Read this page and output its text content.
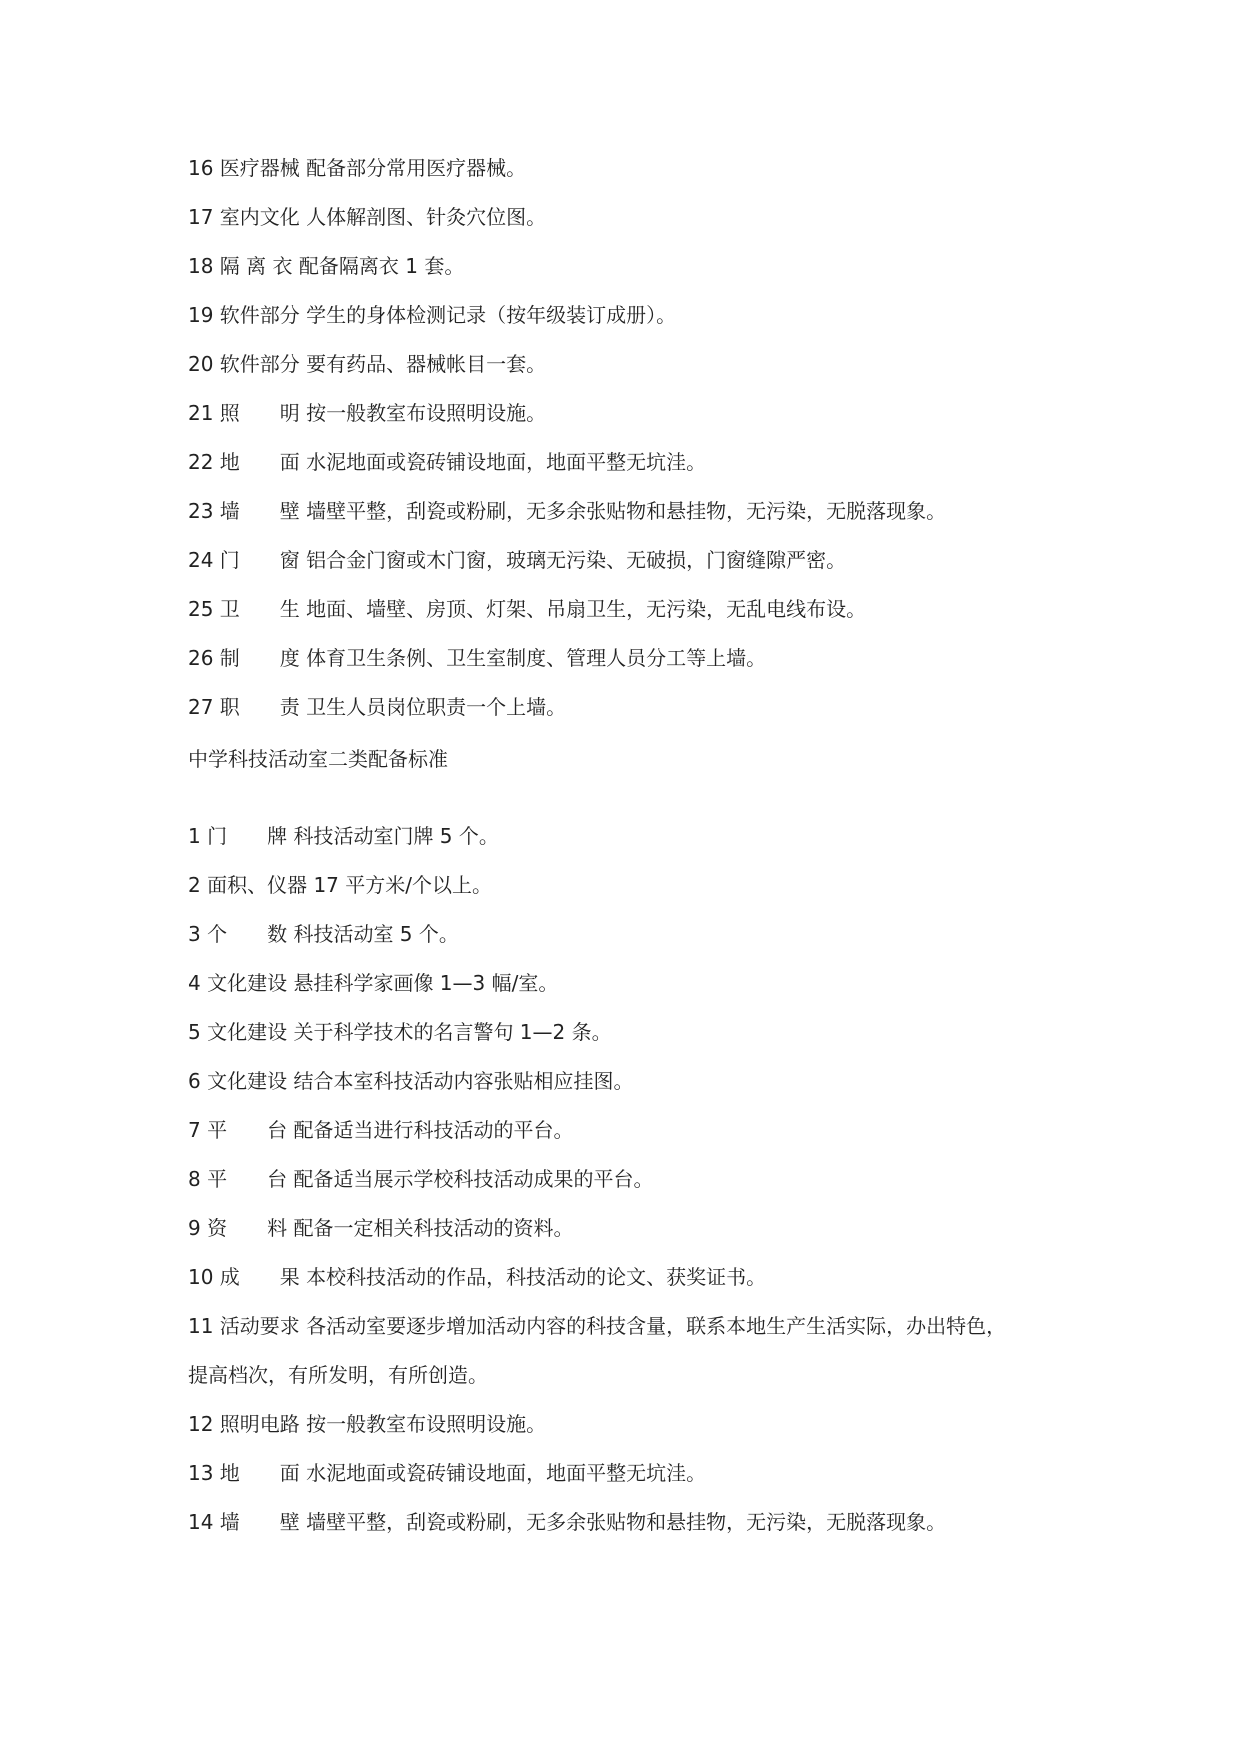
16 医疗器械 配备部分常用医疗器械。
17 室内文化 人体解剖图、针灸穴位图。
18 隔 离 衣 配备隔离衣 1 套。
19 软件部分 学生的身体检测记录（按年级装订成册）。
20 软件部分 要有药品、器械帐目一套。
21 照　　明 按一般教室布设照明设施。
22 地　　面 水泥地面或瓷砖铺设地面，地面平整无坑洼。
23 墙　　壁 墙壁平整，刮瓷或粉刷，无多余张贴物和悬挂物，无污染，无脱落现象。
24 门　　窗 铝合金门窗或木门窗，玻璃无污染、无破损，门窗缝隙严密。
25 卫　　生 地面、墙壁、房顶、灯架、吊扇卫生，无污染，无乱电线布设。
26 制　　度 体育卫生条例、卫生室制度、管理人员分工等上墙。
27 职　　责 卫生人员岗位职责一个上墙。
中学科技活动室二类配备标准
1 门　　牌 科技活动室门牌 5 个。
2 面积、仪器 17 平方米/个以上。
3 个　　数 科技活动室 5 个。
4 文化建设 悬挂科学家画像 1—3 幅/室。
5 文化建设 关于科学技术的名言警句 1—2 条。
6 文化建设 结合本室科技活动内容张贴相应挂图。
7 平　　台 配备适当进行科技活动的平台。
8 平　　台 配备适当展示学校科技活动成果的平台。
9 资　　料 配备一定相关科技活动的资料。
10 成　　果 本校科技活动的作品，科技活动的论文、获奖证书。
11 活动要求 各活动室要逐步增加活动内容的科技含量，联系本地生产生活实际，办出特色，
提高档次，有所发明，有所创造。
12 照明电路 按一般教室布设照明设施。
13 地　　面 水泥地面或瓷砖铺设地面，地面平整无坑洼。
14 墙　　壁 墙壁平整，刮瓷或粉刷，无多余张贴物和悬挂物，无污染，无脱落现象。
